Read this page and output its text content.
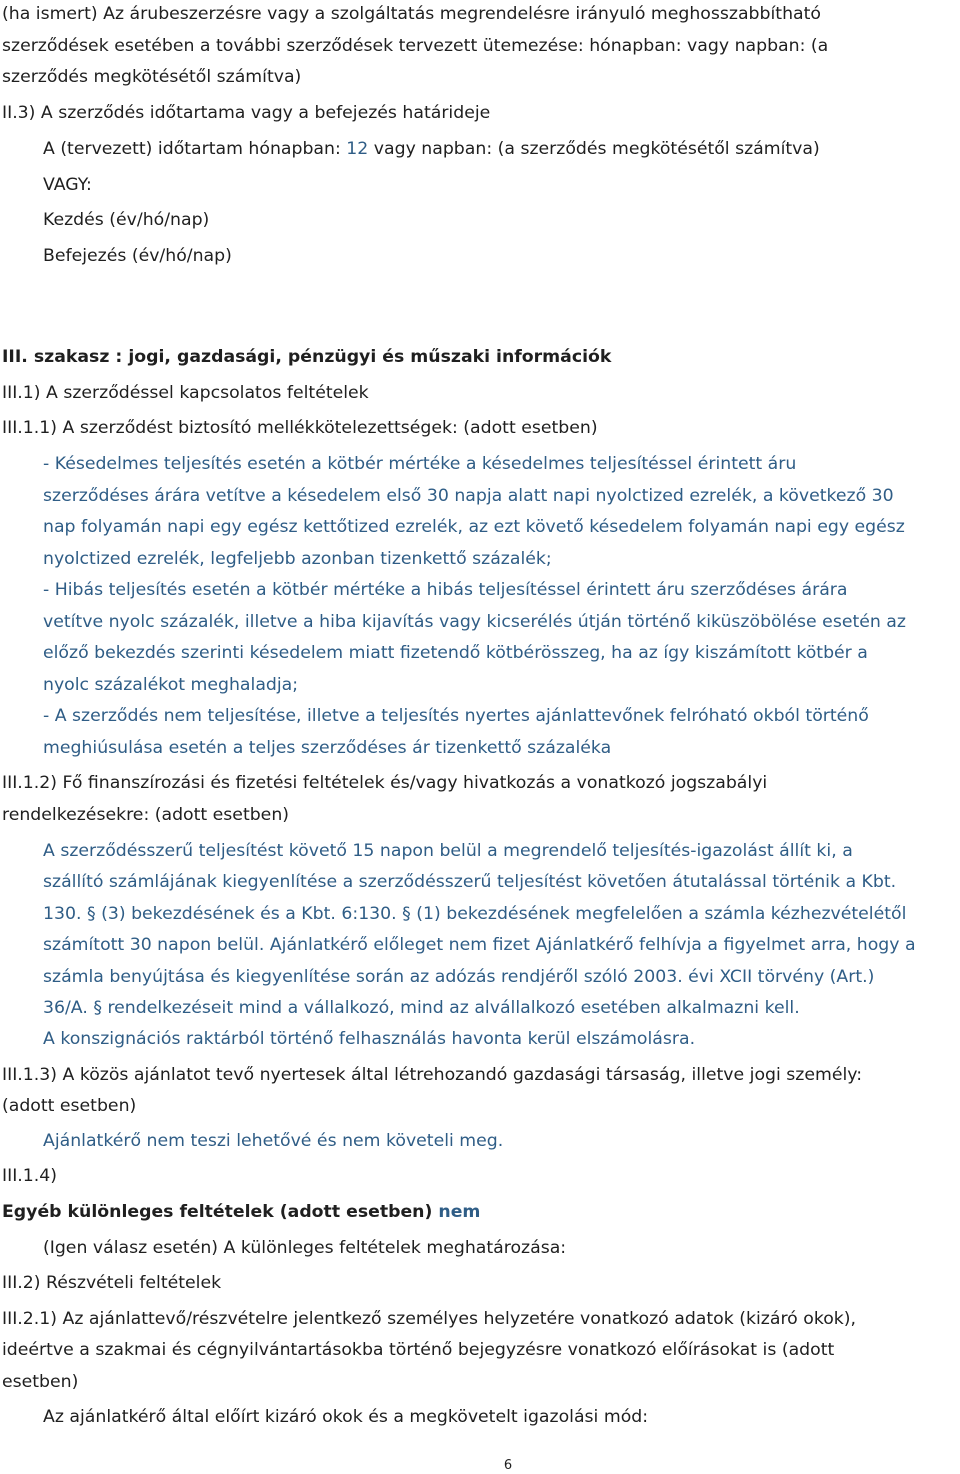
(ha ismert) Az árubeszerzésre vagy a szolgáltatás megrendelésre irányuló meghosszabbítható
szerződések esetében a további szerződések tervezett ütemezése: hónapban: vagy napban: (a
szerződés megkötésétől számítva)
II.3) A szerződés időtartama vagy a befejezés határideje
A (tervezett) időtartam hónapban: 12 vagy napban: (a szerződés megkötésétől számítva)
VAGY:
Kezdés (év/hó/nap)
Befejezés (év/hó/nap)
III. szakasz : jogi, gazdasági, pénzügyi és műszaki információk
III.1) A szerződéssel kapcsolatos feltételek
III.1.1) A szerződést biztosító mellékkötelezettségek: (adott esetben)
- Késedelmes teljesítés esetén a kötbér mértéke a késedelmes teljesítéssel érintett áru
szerződéses árára vetítve a késedelem első 30 napja alatt napi nyolctized ezrelék, a következő 30
nap folyamán napi egy egész kettőtized ezrelék, az ezt követő késedelem folyamán napi egy egész
nyolctized ezrelék, legfeljebb azonban tizenkettő százalék;
- Hibás teljesítés esetén a kötbér mértéke a hibás teljesítéssel érintett áru szerződéses árára
vetítve nyolc százalék, illetve a hiba kijavítás vagy kicserélés útján történő kiküszöbölése esetén az
előző bekezdés szerinti késedelem miatt fizetendő kötbérösszeg, ha az így kiszámított kötbér a
nyolc százalékot meghaladja;
- A szerződés nem teljesítése, illetve a teljesítés nyertes ajánlattevőnek felróható okból történő
meghiúsulása esetén a teljes szerződéses ár tizenkettő százaléka
III.1.2) Fő finanszírozási és fizetési feltételek és/vagy hivatkozás a vonatkozó jogszabályi
rendelkezésekre: (adott esetben)
A szerződésszerű teljesítést követő 15 napon belül a megrendelő teljesítés-igazolást állít ki, a
szállító számlájának kiegyenlítése a szerződésszerű teljesítést követően átutalással történik a Kbt.
130. § (3) bekezdésének és a Kbt. 6:130. § (1) bekezdésének megfelelően a számla kézhezvételétől
számított 30 napon belül. Ajánlatkérő előleget nem fizet Ajánlatkérő felhívja a figyelmet arra, hogy a
számla benyújtása és kiegyenlítése során az adózás rendjéről szóló 2003. évi XCII törvény (Art.)
36/A. § rendelkezéseit mind a vállalkozó, mind az alvállalkozó esetében alkalmazni kell.
A konszignációs raktárból történő felhasználás havonta kerül elszámolásra.
III.1.3) A közös ajánlatot tevő nyertesek által létrehozandó gazdasági társaság, illetve jogi személy:
(adott esetben)
Ajánlatkérő nem teszi lehetővé és nem követeli meg.
III.1.4)
Egyéb különleges feltételek (adott esetben) nem
(Igen válasz esetén) A különleges feltételek meghatározása:
III.2) Részvételi feltételek
III.2.1) Az ajánlattevő/részvételre jelentkező személyes helyzetére vonatkozó adatok (kizáró okok),
ideértve a szakmai és cégnyilvántartásokba történő bejegyzésre vonatkozó előírásokat is (adott
esetben)
Az ajánlatkérő által előírt kizáró okok és a megkövetelt igazolási mód:
6
